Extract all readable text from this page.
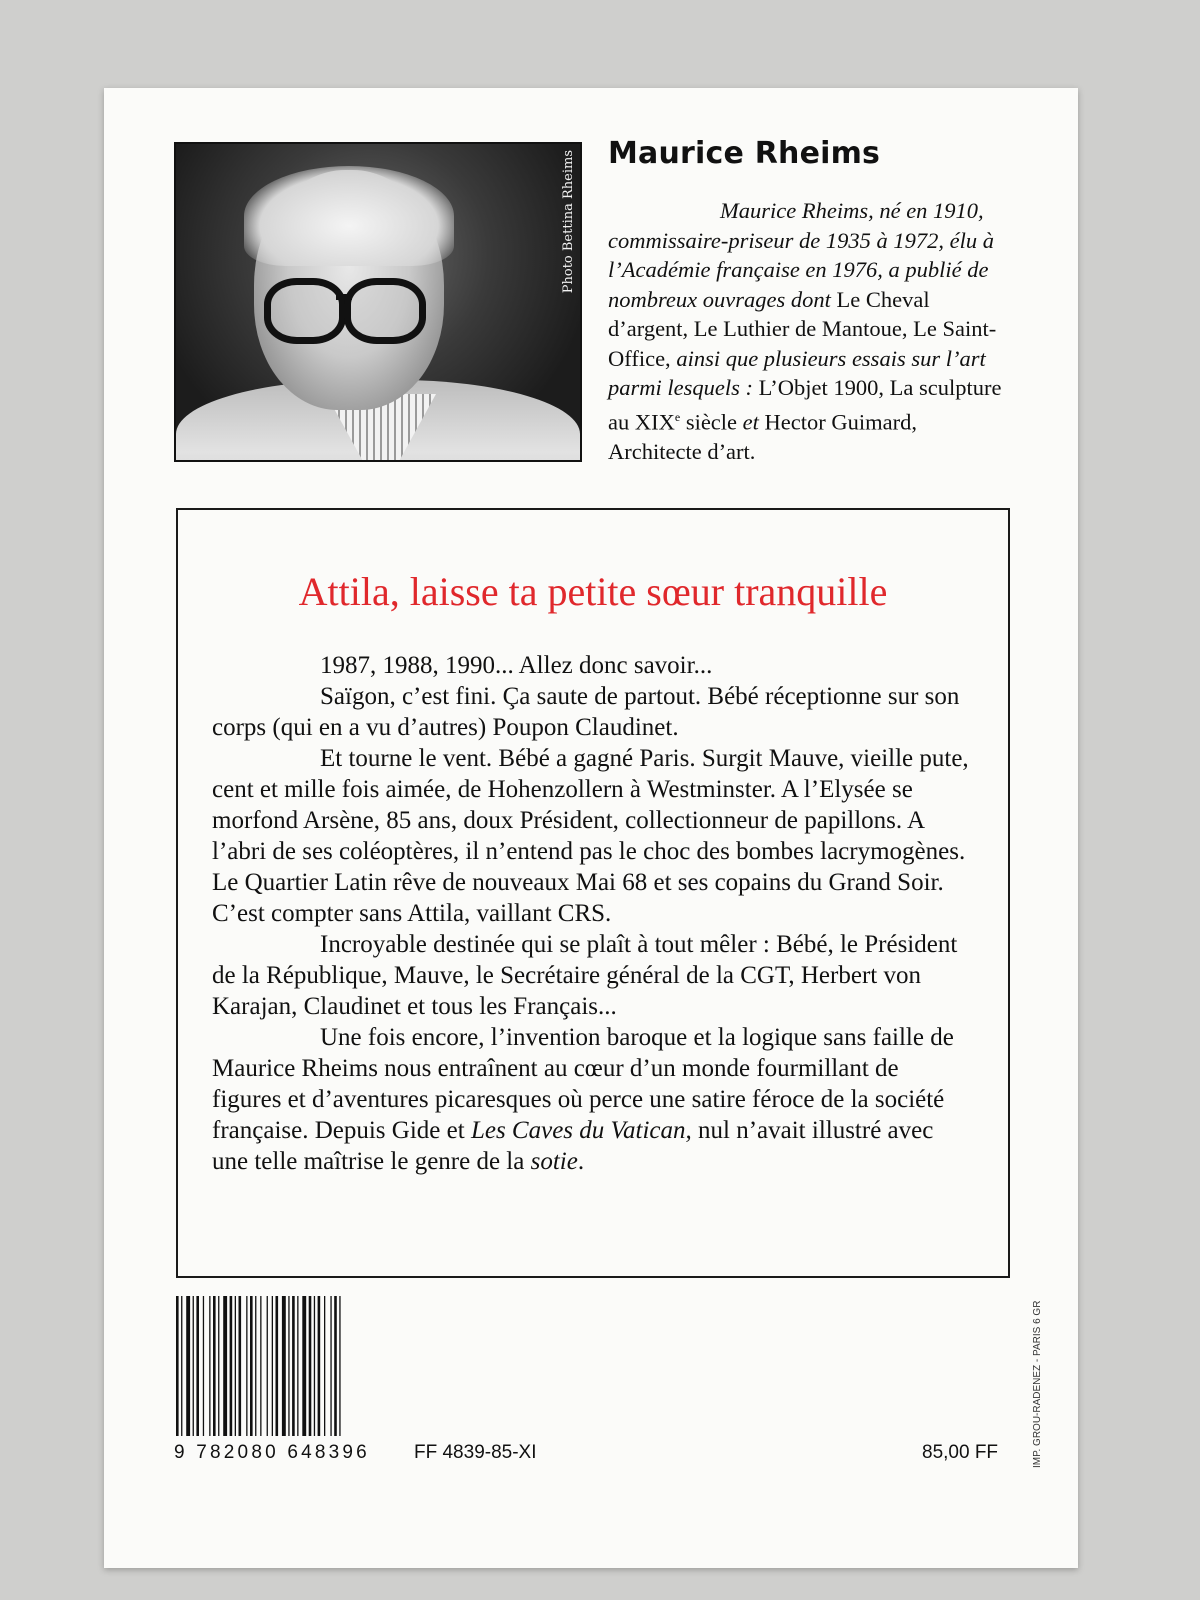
Photo Bettina Rheims Maurice Rheims

Maurice Rheims, né en 1910, commissaire-priseur de 1935 à 1972, élu à l’Académie française en 1976, a publié de nombreux ouvrages dont Le Cheval d’argent, Le Luthier de Mantoue, Le Saint-Office, ainsi que plusieurs essais sur l’art parmi lesquels : L’Objet 1900, La sculpture au XIXe siècle et Hector Guimard, Architecte d’art.

Attila, laisse ta petite sœur tranquille

1987, 1988, 1990... Allez donc savoir...

Saïgon, c’est fini. Ça saute de partout. Bébé réceptionne sur son corps (qui en a vu d’autres) Poupon Claudinet.

Et tourne le vent. Bébé a gagné Paris. Surgit Mauve, vieille pute, cent et mille fois aimée, de Hohenzollern à Westminster. A l’Elysée se morfond Arsène, 85 ans, doux Président, collectionneur de papillons. A l’abri de ses coléoptères, il n’entend pas le choc des bombes lacrymogènes. Le Quartier Latin rêve de nouveaux Mai 68 et ses copains du Grand Soir. C’est compter sans Attila, vaillant CRS.

Incroyable destinée qui se plaît à tout mêler : Bébé, le Président de la République, Mauve, le Secrétaire général de la CGT, Herbert von Karajan, Claudinet et tous les Français...

Une fois encore, l’invention baroque et la logique sans faille de Maurice Rheims nous entraînent au cœur d’un monde fourmillant de figures et d’aventures picaresques où perce une satire féroce de la société française. Depuis Gide et Les Caves du Vatican, nul n’avait illustré avec une telle maîtrise le genre de la sotie.

9 782080 648396 FF 4839-85-XI	85,00 FF	IMP. GROU-RADENEZ - PARIS 6 GR
